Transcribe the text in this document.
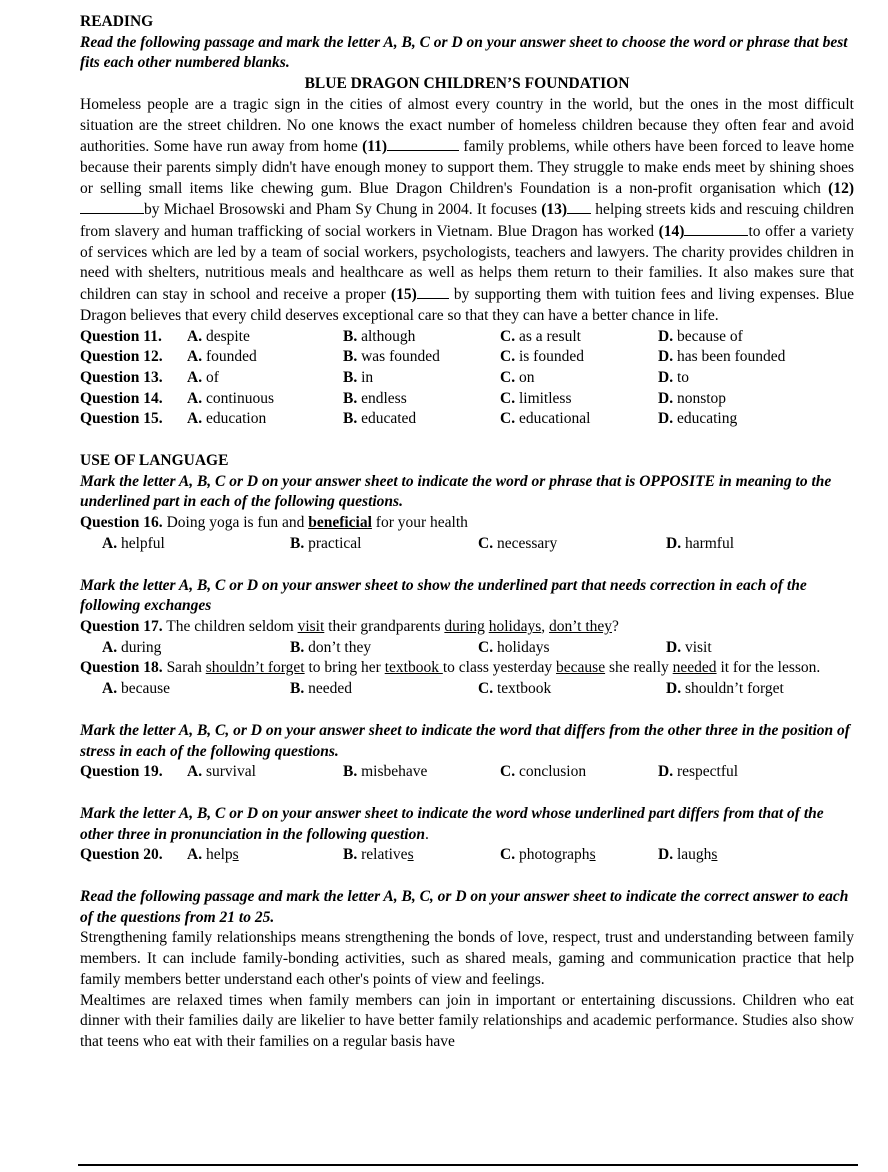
READING
Read the following passage and mark the letter A, B, C or D on your answer sheet to choose the word or phrase that best fits each other numbered blanks.
BLUE DRAGON CHILDREN’S FOUNDATION
Homeless people are a tragic sign in the cities of almost every country in the world, but the ones in the most difficult situation are the street children. No one knows the exact number of homeless children because they often fear and avoid authorities. Some have run away from home (11)	family problems, while others have been forced to leave home because their parents simply didn't have enough money to support them. They struggle to make ends meet by shining shoes or selling small items like chewing gum. Blue Dragon Children's Foundation is a non-profit organisation which (12)by Michael Brosowski and Pham Sy Chung in 2004. It focuses (13) helping streets kids and rescuing children from slavery and human trafficking of social workers in Vietnam. Blue Dragon has worked (14)	to offer a variety of services which are led by a team of social workers, psychologists, teachers and lawyers. The charity provides children in need with shelters, nutritious meals and healthcare as well as helps them return to their families. It also makes sure that children can stay in school and receive a proper (15) by supporting them with tuition fees and living expenses. Blue Dragon believes that every child deserves exceptional care so that they can have a better chance in life.
Question 11.	A. despite	B. although	C. as a result	D. because of
Question 12.	A. founded	B. was founded	C. is founded	D. has been founded
Question 13.	A. of	B. in	C. on	D. to
Question 14.	A. continuous	B. endless	C. limitless	D. nonstop
Question 15.	A. education	B. educated	C. educational	D. educating
USE OF LANGUAGE
Mark the letter A, B, C or D on your answer sheet to indicate the word or phrase that is OPPOSITE in meaning to the underlined part in each of the following questions.
Question 16. Doing yoga is fun and beneficial for your health
A. helpful	B. practical	C. necessary	D. harmful
Mark the letter A, B, C or D on your answer sheet to show the underlined part that needs correction in each of the following exchanges
Question 17. The children seldom visit their grandparents during holidays, don’t they?
A. during	B. don’t they	C. holidays	D. visit
Question 18. Sarah shouldn’t forget to bring her textbook to class yesterday because she really needed it for the lesson.
A. because	B. needed	C. textbook	D. shouldn’t forget
Mark the letter A, B, C, or D on your answer sheet to indicate the word that differs from the other three in the position of stress in each of the following questions.
Question 19.	A. survival	B. misbehave	C. conclusion	D. respectful
Mark the letter A, B, C or D on your answer sheet to indicate the word whose underlined part differs from that of the other three in pronunciation in the following question.
Question 20.	A. helps	B. relatives	C. photographs	D. laughs
Read the following passage and mark the letter A, B, C, or D on your answer sheet to indicate the correct answer to each of the questions from 21 to 25.
Strengthening family relationships means strengthening the bonds of love, respect, trust and understanding between family members. It can include family-bonding activities, such as shared meals, gaming and communication practice that help family members better understand each other's points of view and feelings.
Mealtimes are relaxed times when family members can join in important or entertaining discussions. Children who eat dinner with their families daily are likelier to have better family relationships and academic performance. Studies also show that teens who eat with their families on a regular basis have
